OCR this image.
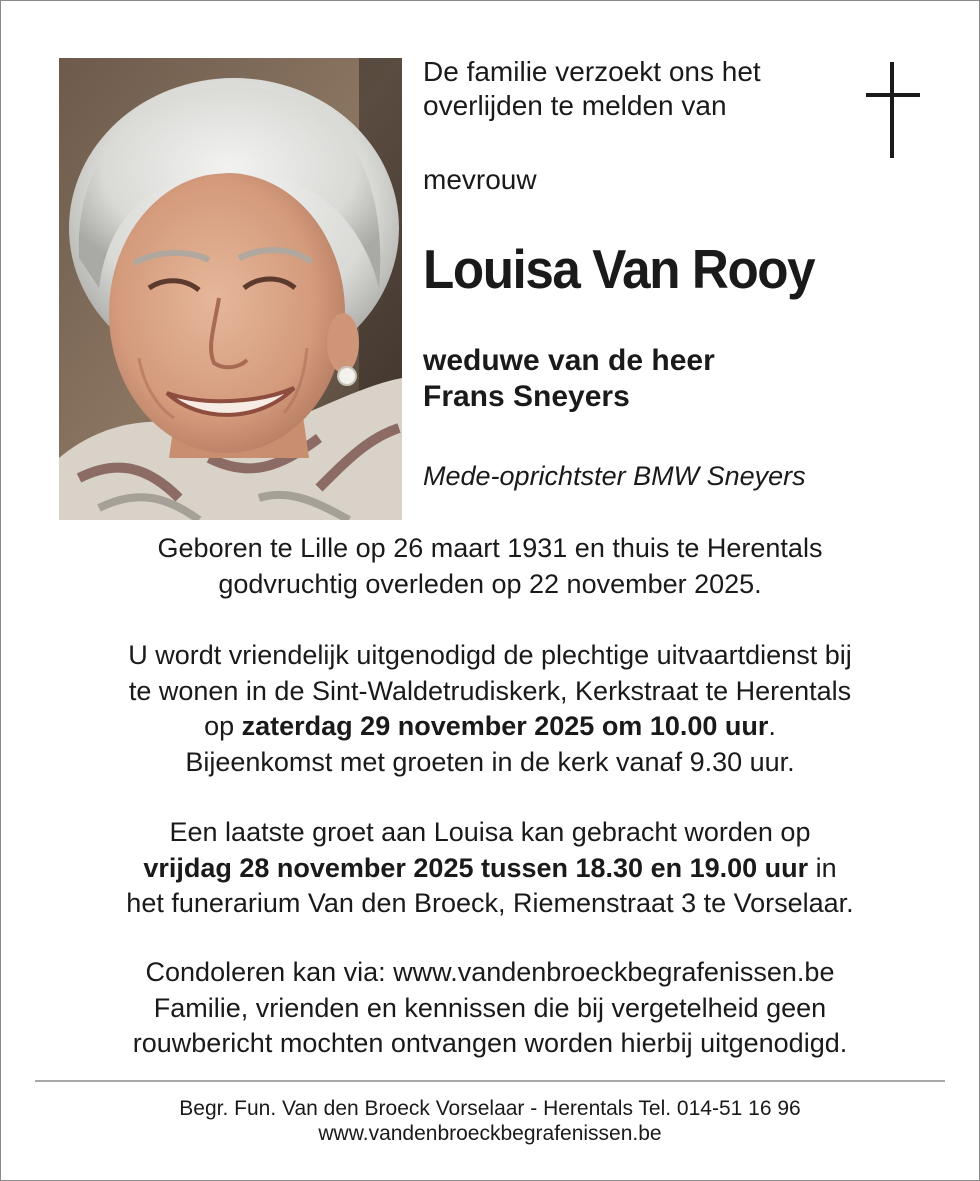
De familie verzoekt ons het
overlijden te melden van
mevrouw
Louisa Van Rooy
weduwe van de heer
Frans Sneyers
Mede-oprichtster BMW Sneyers
Geboren te Lille op 26 maart 1931 en thuis te Herentals
godvruchtig overleden op 22 november 2025.
U wordt vriendelijk uitgenodigd de plechtige uitvaartdienst bij
te wonen in de Sint-Waldetrudiskerk, Kerkstraat te Herentals
op zaterdag 29 november 2025 om 10.00 uur.
Bijeenkomst met groeten in de kerk vanaf 9.30 uur.
Een laatste groet aan Louisa kan gebracht worden op
vrijdag 28 november 2025 tussen 18.30 en 19.00 uur in
het funerarium Van den Broeck, Riemenstraat 3 te Vorselaar.
Condoleren kan via: www.vandenbroeckbegrafenissen.be
Familie, vrienden en kennissen die bij vergetelheid geen
rouwbericht mochten ontvangen worden hierbij uitgenodigd.
Begr. Fun. Van den Broeck Vorselaar - Herentals Tel. 014-51 16 96
www.vandenbroeckbegrafenissen.be
